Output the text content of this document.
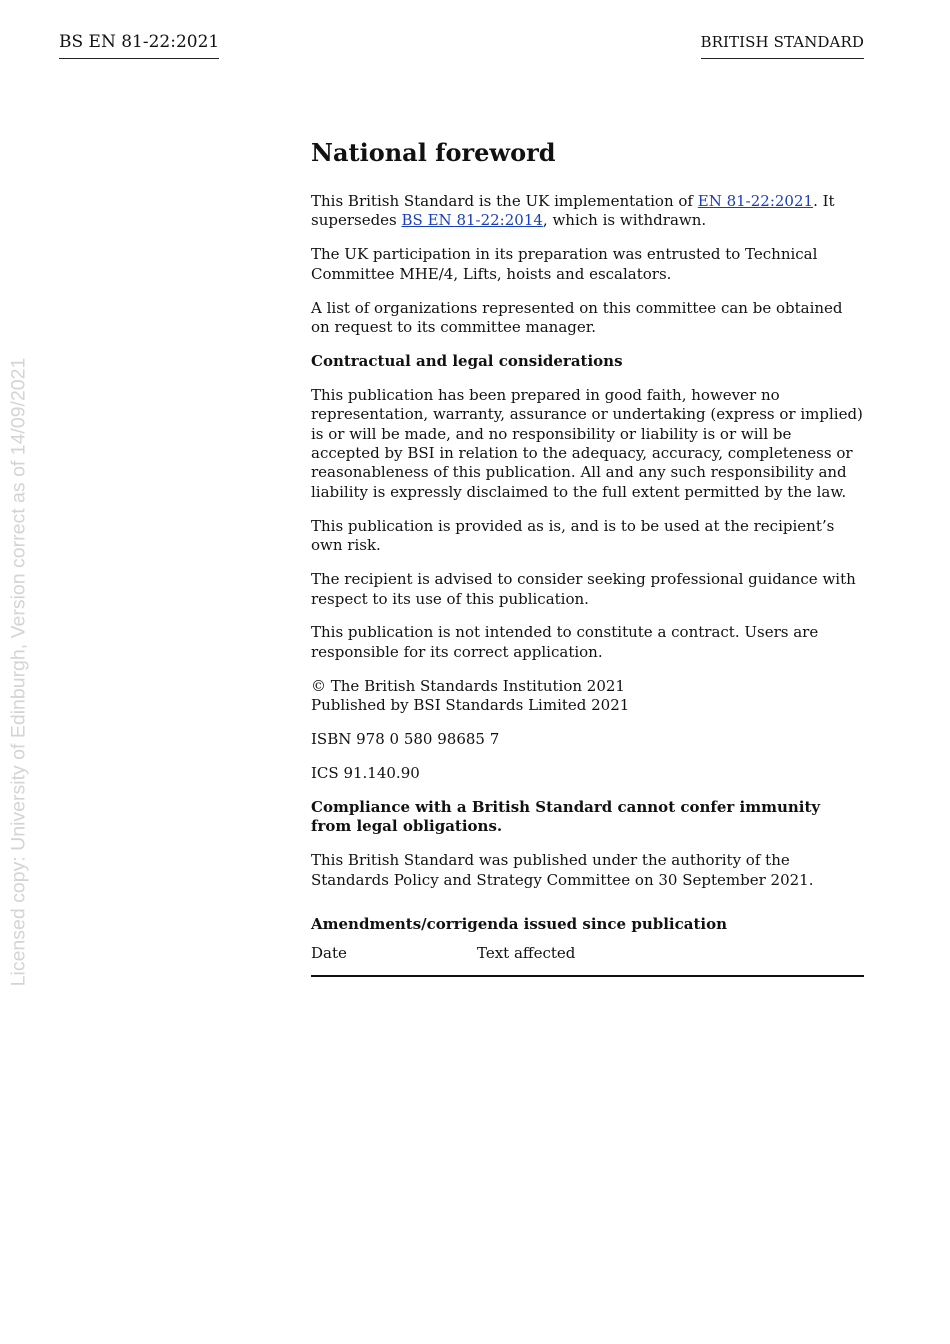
BS EN 81-22:2021	BRITISH STANDARD
Licensed copy: University of Edinburgh, Version correct as of 14/09/2021
National foreword

This British Standard is the UK implementation of EN 81-22:2021. It supersedes BS EN 81-22:2014, which is withdrawn.

The UK participation in its preparation was entrusted to Technical Committee MHE/4, Lifts, hoists and escalators.

A list of organizations represented on this committee can be obtained on request to its committee manager.

Contractual and legal considerations

This publication has been prepared in good faith, however no representation, warranty, assurance or undertaking (express or implied) is or will be made, and no responsibility or liability is or will be accepted by BSI in relation to the adequacy, accuracy, completeness or reasonableness of this publication. All and any such responsibility and liability is expressly disclaimed to the full extent permitted by the law.

This publication is provided as is, and is to be used at the recipient’s own risk.

The recipient is advised to consider seeking professional guidance with respect to its use of this publication.

This publication is not intended to constitute a contract. Users are responsible for its correct application.

© The British Standards Institution 2021
Published by BSI Standards Limited 2021

ISBN 978 0 580 98685 7

ICS 91.140.90

Compliance with a British Standard cannot confer immunity from legal obligations.

This British Standard was published under the authority of the Standards Policy and Strategy Committee on 30 September 2021.

Amendments/corrigenda issued since publication
Date	Text affected
